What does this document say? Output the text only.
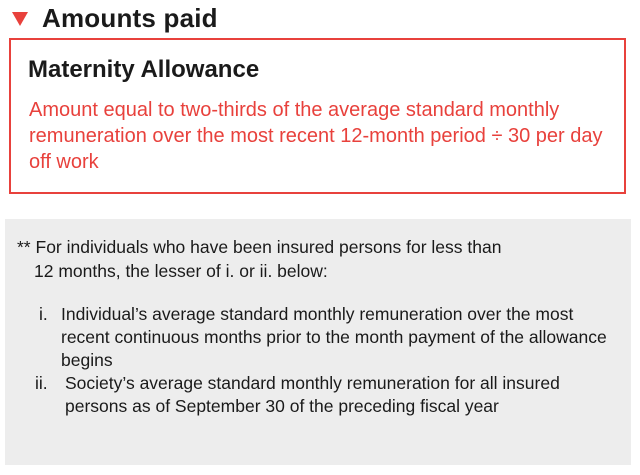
Amounts paid
Maternity Allowance
Amount equal to two-thirds of the average standard monthly remuneration over the most recent 12-month period ÷ 30 per day off work
** For individuals who have been insured persons for less than
12 months, the lesser of i. or ii. below:
i. Individual’s average standard monthly remuneration over the most recent continuous months prior to the month payment of the allowance begins
ii. Society’s average standard monthly remuneration for all insured persons as of September 30 of the preceding fiscal year
